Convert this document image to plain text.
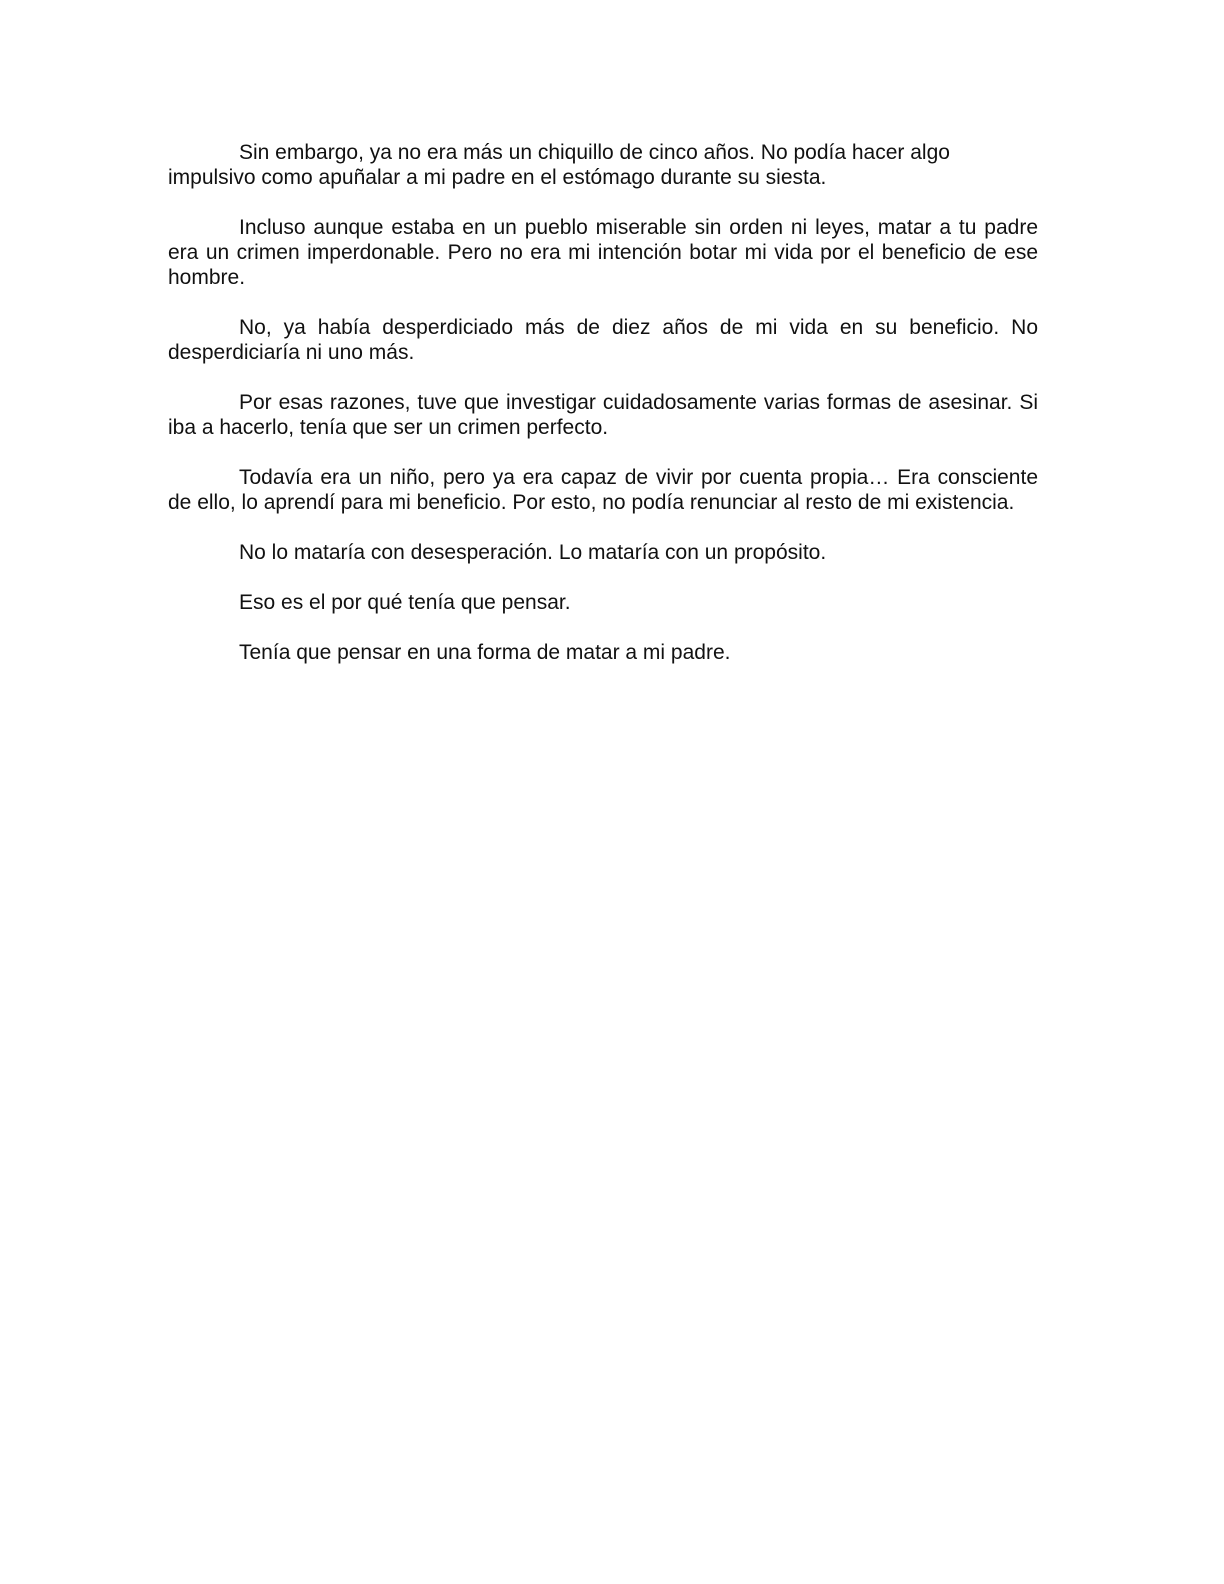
Sin embargo, ya no era más un chiquillo de cinco años. No podía hacer algo impulsivo como apuñalar a mi padre en el estómago durante su siesta.

Incluso aunque estaba en un pueblo miserable sin orden ni leyes, matar a tu padre era un crimen imperdonable. Pero no era mi intención botar mi vida por el beneficio de ese hombre.

No, ya había desperdiciado más de diez años de mi vida en su beneficio. No desperdiciaría ni uno más.

Por esas razones, tuve que investigar cuidadosamente varias formas de asesinar. Si iba a hacerlo, tenía que ser un crimen perfecto.

Todavía era un niño, pero ya era capaz de vivir por cuenta propia… Era consciente de ello, lo aprendí para mi beneficio. Por esto, no podía renunciar al resto de mi existencia.

No lo mataría con desesperación. Lo mataría con un propósito.

Eso es el por qué tenía que pensar.

Tenía que pensar en una forma de matar a mi padre.
